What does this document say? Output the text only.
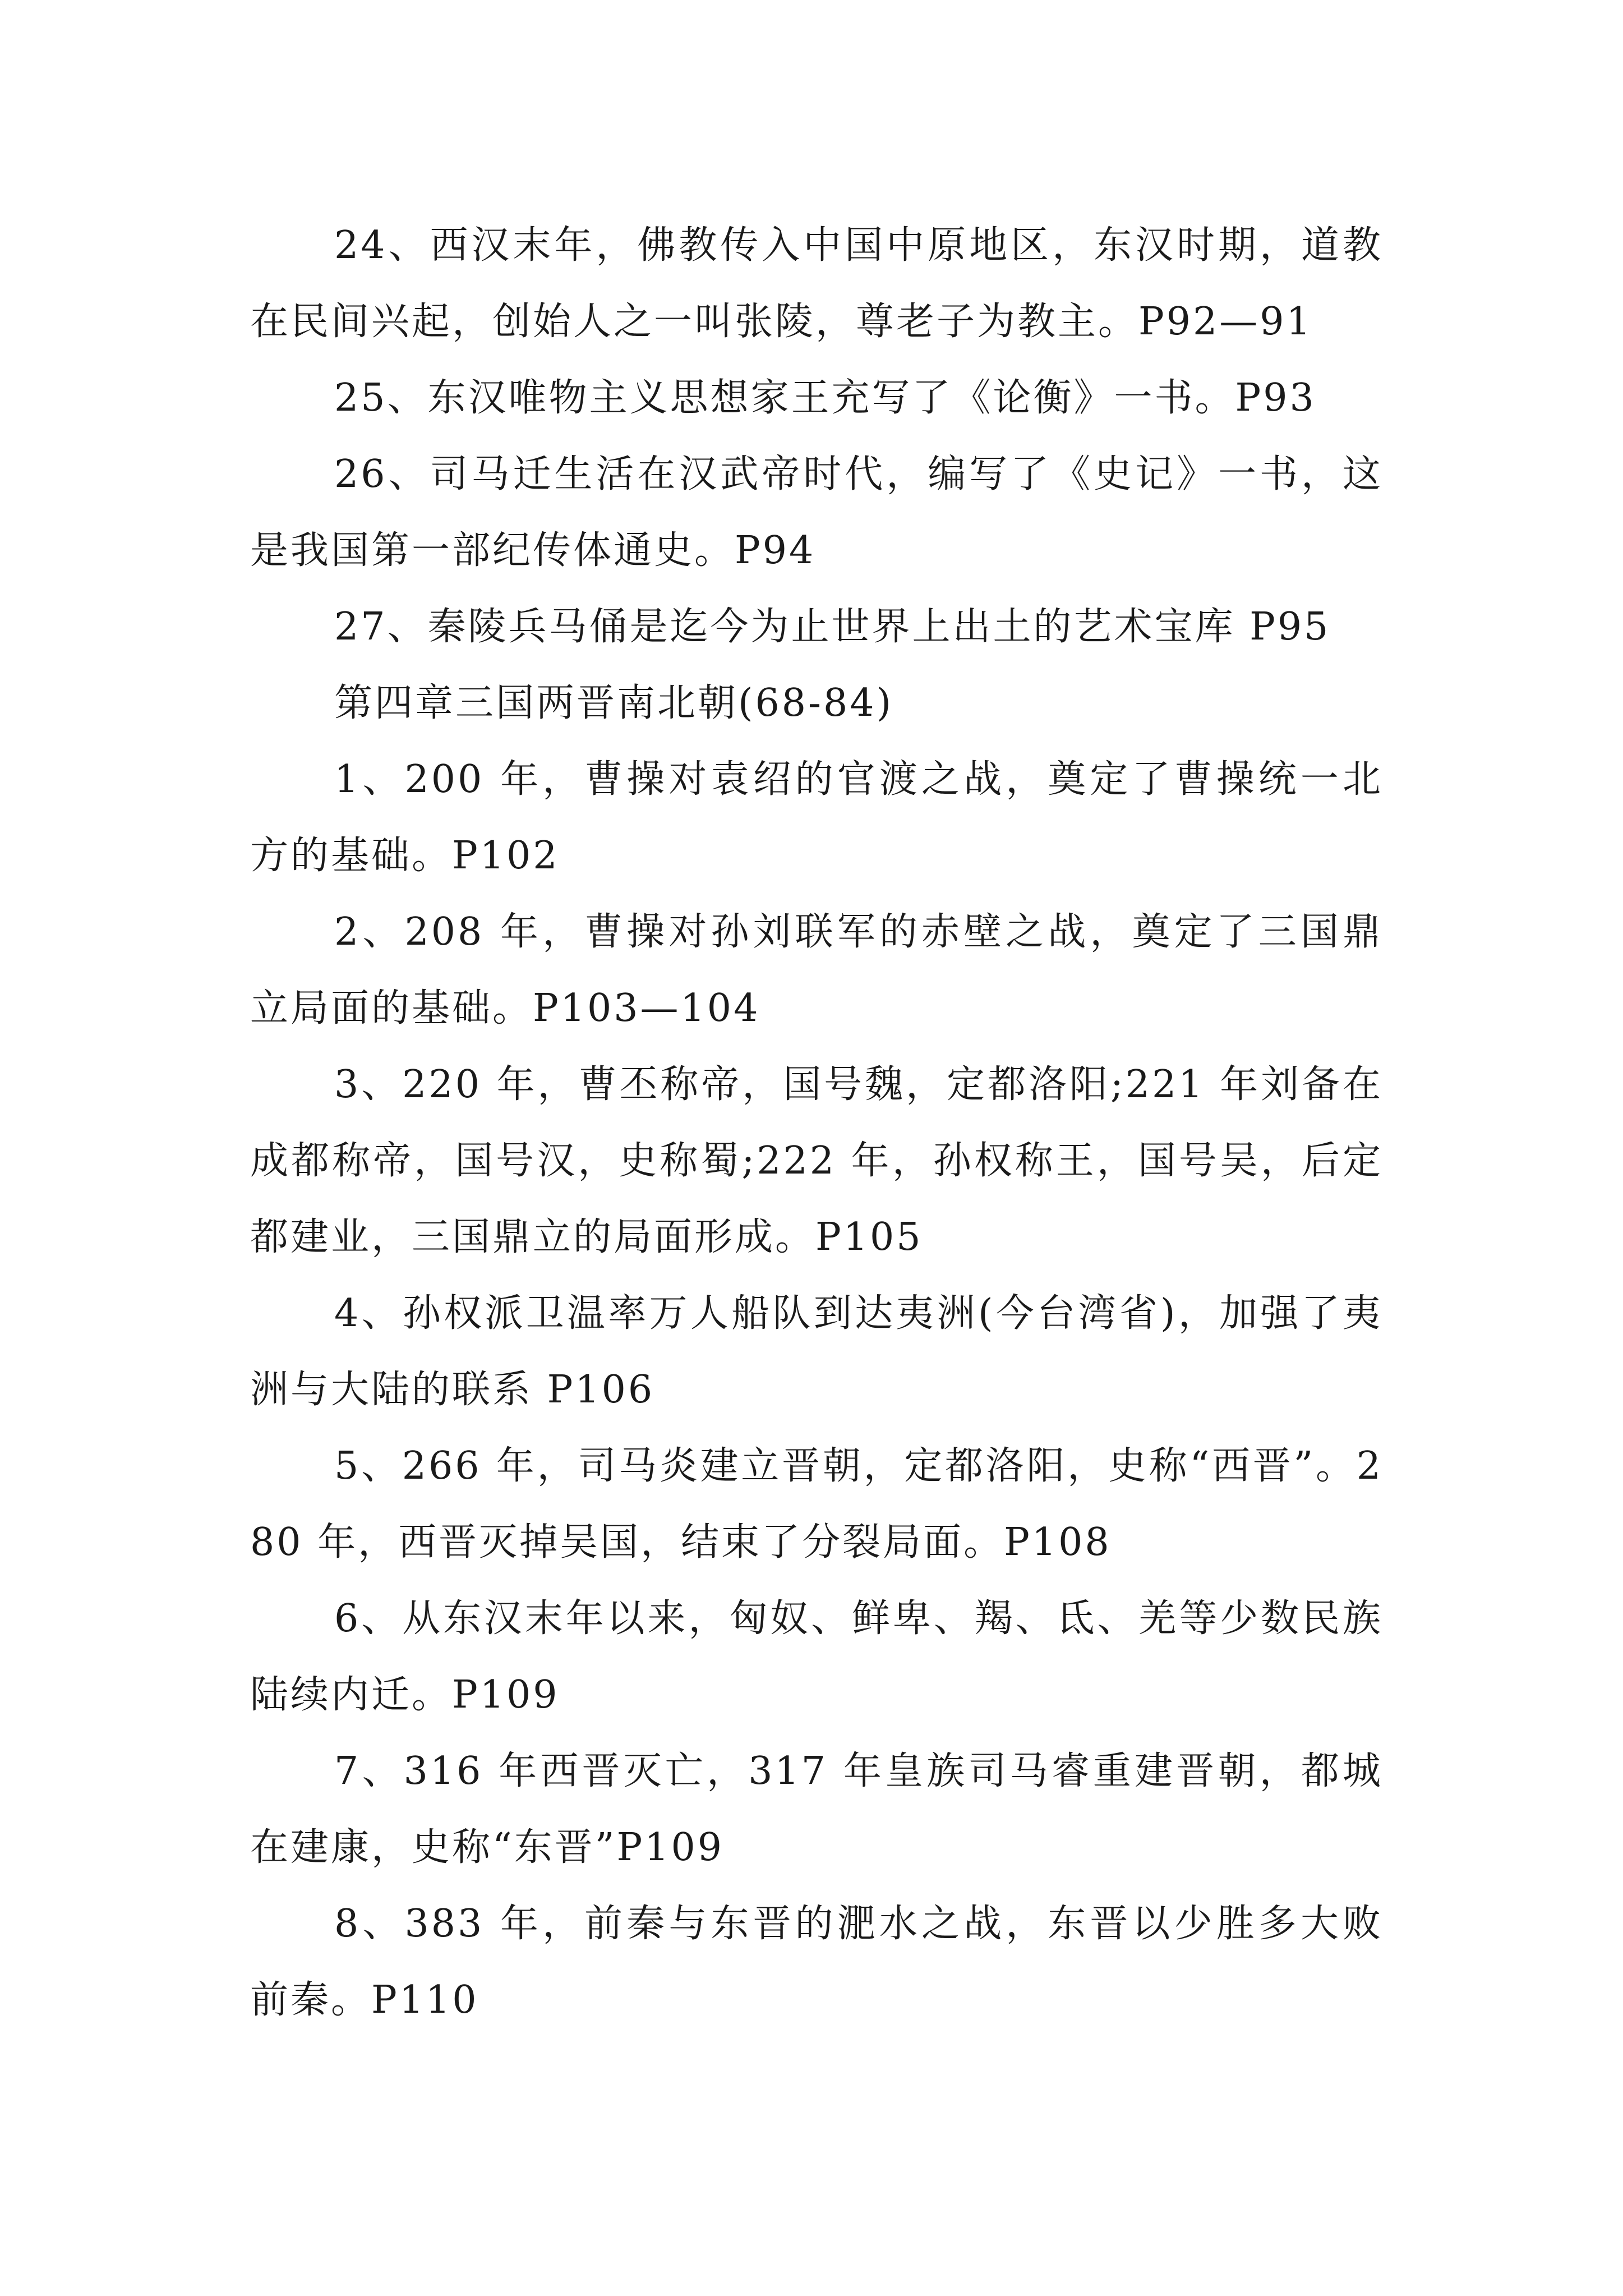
24、西汉末年，佛教传入中国中原地区，东汉时期，道教在民间兴起，创始人之一叫张陵，尊老子为教主。P92—91

25、东汉唯物主义思想家王充写了《论衡》一书。P93

26、司马迁生活在汉武帝时代，编写了《史记》一书，这是我国第一部纪传体通史。P94

27、秦陵兵马俑是迄今为止世界上出土的艺术宝库 P95

第四章三国两晋南北朝(68-84)

1、200 年，曹操对袁绍的官渡之战，奠定了曹操统一北方的基础。P102

2、208 年，曹操对孙刘联军的赤壁之战，奠定了三国鼎立局面的基础。P103—104

3、220 年，曹丕称帝，国号魏，定都洛阳;221 年刘备在成都称帝，国号汉，史称蜀;222 年，孙权称王，国号吴，后定都建业，三国鼎立的局面形成。P105

4、孙权派卫温率万人船队到达夷洲(今台湾省)，加强了夷洲与大陆的联系 P106

5、266 年，司马炎建立晋朝，定都洛阳，史称“西晋”。280 年，西晋灭掉吴国，结束了分裂局面。P108

6、从东汉末年以来，匈奴、鲜卑、羯、氐、羌等少数民族陆续内迁。P109

7、316 年西晋灭亡，317 年皇族司马睿重建晋朝，都城在建康，史称“东晋”P109

8、383 年，前秦与东晋的淝水之战，东晋以少胜多大败前秦。P110
